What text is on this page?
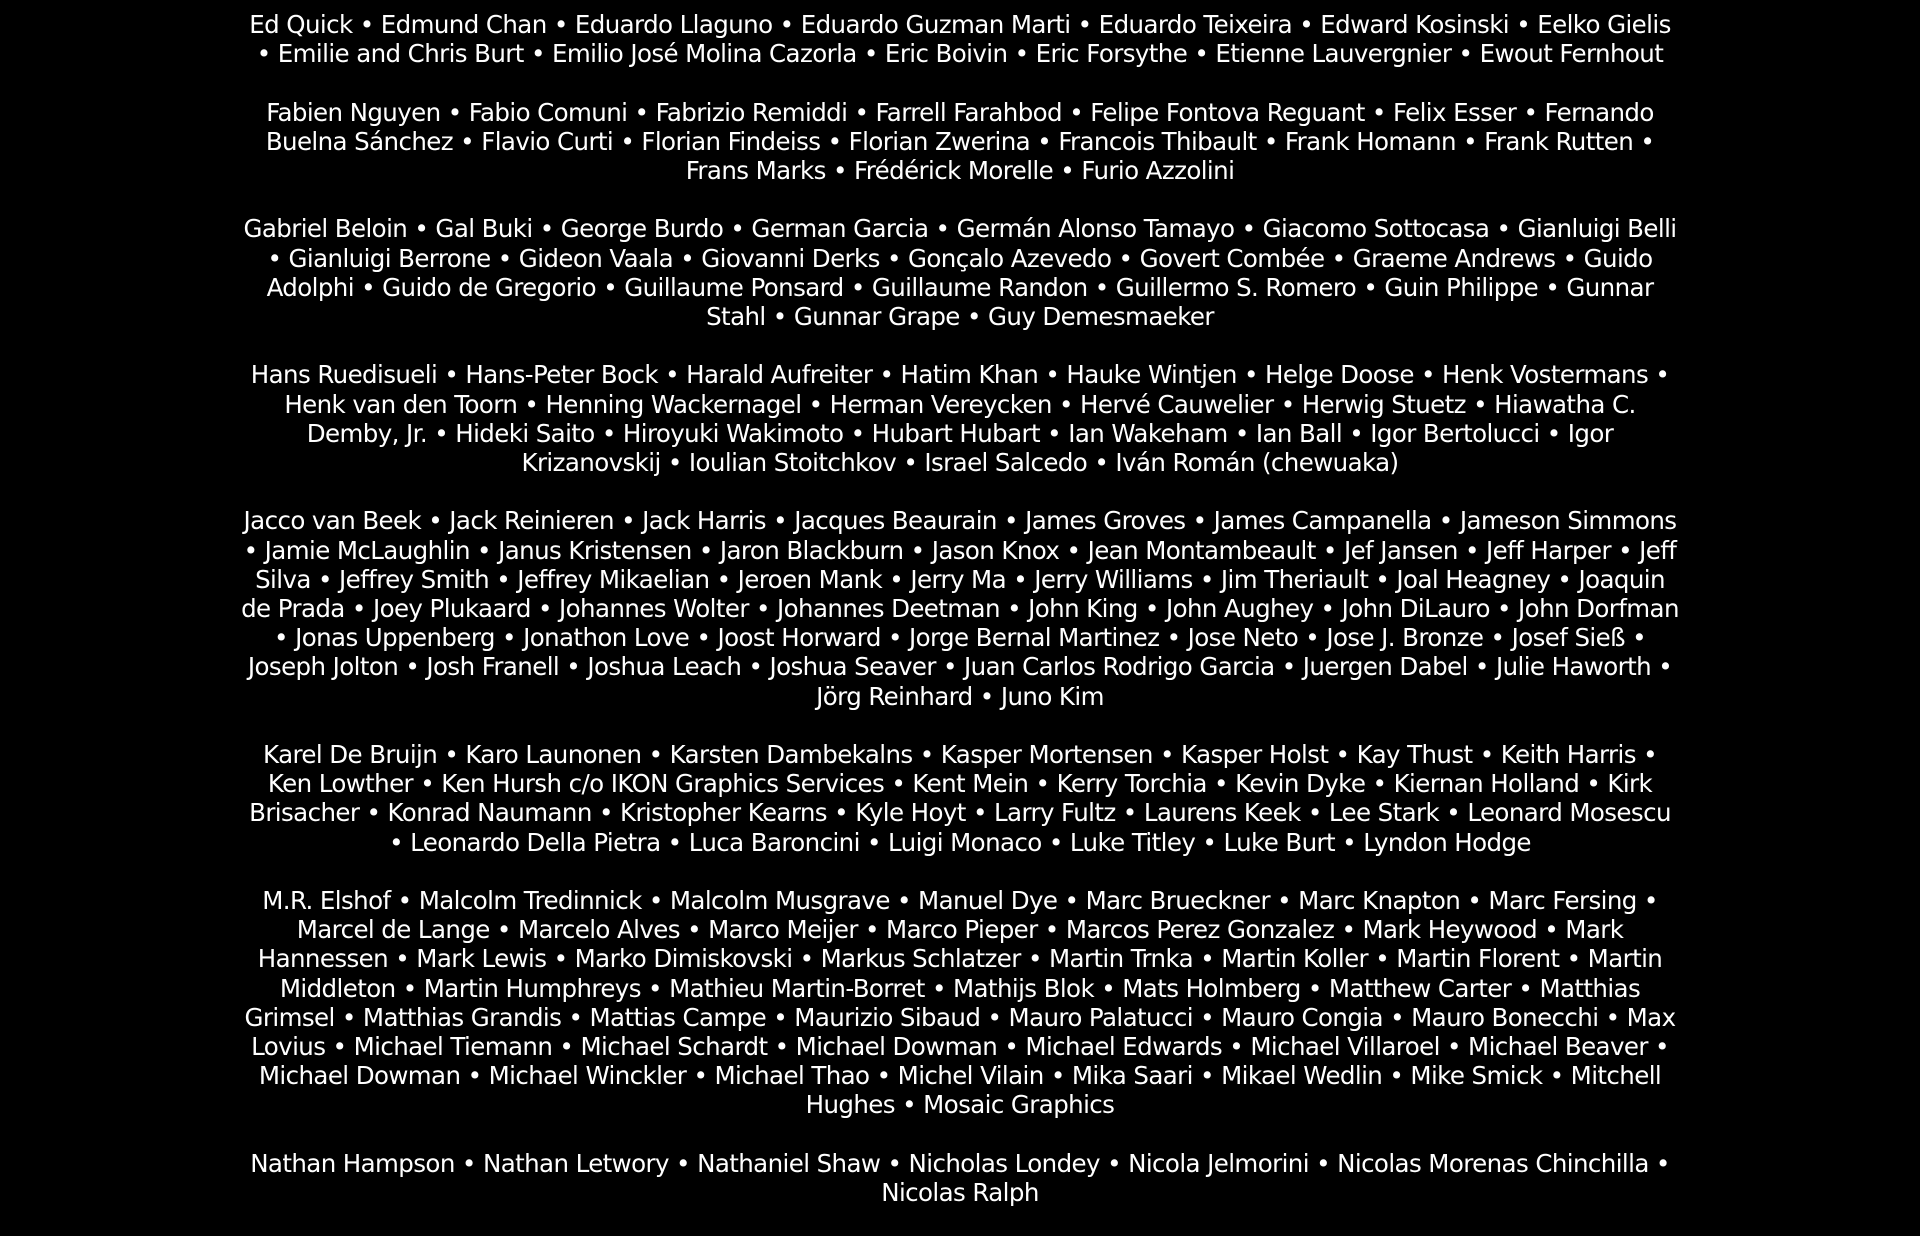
Ed Quick • Edmund Chan • Eduardo Llaguno • Eduardo Guzman Marti • Eduardo Teixeira • Edward Kosinski • Eelko Gielis • Emilie and Chris Burt • Emilio José Molina Cazorla • Eric Boivin • Eric Forsythe • Etienne Lauvergnier • Ewout Fernhout

Fabien Nguyen • Fabio Comuni • Fabrizio Remiddi • Farrell Farahbod • Felipe Fontova Reguant • Felix Esser • Fernando Buelna Sánchez • Flavio Curti • Florian Findeiss • Florian Zwerina • Francois Thibault • Frank Homann • Frank Rutten • Frans Marks • Frédérick Morelle • Furio Azzolini

Gabriel Beloin • Gal Buki • George Burdo • German Garcia • Germán Alonso Tamayo • Giacomo Sottocasa • Gianluigi Belli • Gianluigi Berrone • Gideon Vaala • Giovanni Derks • Gonçalo Azevedo • Govert Combée • Graeme Andrews • Guido Adolphi • Guido de Gregorio • Guillaume Ponsard • Guillaume Randon • Guillermo S. Romero • Guin Philippe • Gunnar Stahl • Gunnar Grape • Guy Demesmaeker

Hans Ruedisueli • Hans-Peter Bock • Harald Aufreiter • Hatim Khan • Hauke Wintjen • Helge Doose • Henk Vostermans • Henk van den Toorn • Henning Wackernagel • Herman Vereycken • Hervé Cauwelier • Herwig Stuetz • Hiawatha C. Demby, Jr. • Hideki Saito • Hiroyuki Wakimoto • Hubart Hubart • Ian Wakeham • Ian Ball • Igor Bertolucci • Igor Krizanovskij • Ioulian Stoitchkov • Israel Salcedo • Iván Román (chewuaka)

Jacco van Beek • Jack Reinieren • Jack Harris • Jacques Beaurain • James Groves • James Campanella • Jameson Simmons • Jamie McLaughlin • Janus Kristensen • Jaron Blackburn • Jason Knox • Jean Montambeault • Jef Jansen • Jeff Harper • Jeff Silva • Jeffrey Smith • Jeffrey Mikaelian • Jeroen Mank • Jerry Ma • Jerry Williams • Jim Theriault • Joal Heagney • Joaquin de Prada • Joey Plukaard • Johannes Wolter • Johannes Deetman • John King • John Aughey • John DiLauro • John Dorfman • Jonas Uppenberg • Jonathon Love • Joost Horward • Jorge Bernal Martinez • Jose Neto • Jose J. Bronze • Josef Sieß • Joseph Jolton • Josh Franell • Joshua Leach • Joshua Seaver • Juan Carlos Rodrigo Garcia • Juergen Dabel • Julie Haworth • Jörg Reinhard • Juno Kim

Karel De Bruijn • Karo Launonen • Karsten Dambekalns • Kasper Mortensen • Kasper Holst • Kay Thust • Keith Harris • Ken Lowther • Ken Hursh c/o IKON Graphics Services • Kent Mein • Kerry Torchia • Kevin Dyke • Kiernan Holland • Kirk Brisacher • Konrad Naumann • Kristopher Kearns • Kyle Hoyt • Larry Fultz • Laurens Keek • Lee Stark • Leonard Mosescu • Leonardo Della Pietra • Luca Baroncini • Luigi Monaco • Luke Titley • Luke Burt • Lyndon Hodge

M.R. Elshof • Malcolm Tredinnick • Malcolm Musgrave • Manuel Dye • Marc Brueckner • Marc Knapton • Marc Fersing • Marcel de Lange • Marcelo Alves • Marco Meijer • Marco Pieper • Marcos Perez Gonzalez • Mark Heywood • Mark Hannessen • Mark Lewis • Marko Dimiskovski • Markus Schlatzer • Martin Trnka • Martin Koller • Martin Florent • Martin Middleton • Martin Humphreys • Mathieu Martin-Borret • Mathijs Blok • Mats Holmberg • Matthew Carter • Matthias Grimsel • Matthias Grandis • Mattias Campe • Maurizio Sibaud • Mauro Palatucci • Mauro Congia • Mauro Bonecchi • Max Lovius • Michael Tiemann • Michael Schardt • Michael Dowman • Michael Edwards • Michael Villaroel • Michael Beaver • Michael Dowman • Michael Winckler • Michael Thao • Michel Vilain • Mika Saari • Mikael Wedlin • Mike Smick • Mitchell Hughes • Mosaic Graphics

Nathan Hampson • Nathan Letwory • Nathaniel Shaw • Nicholas Londey • Nicola Jelmorini • Nicolas Morenas Chinchilla • Nicolas Ralph
